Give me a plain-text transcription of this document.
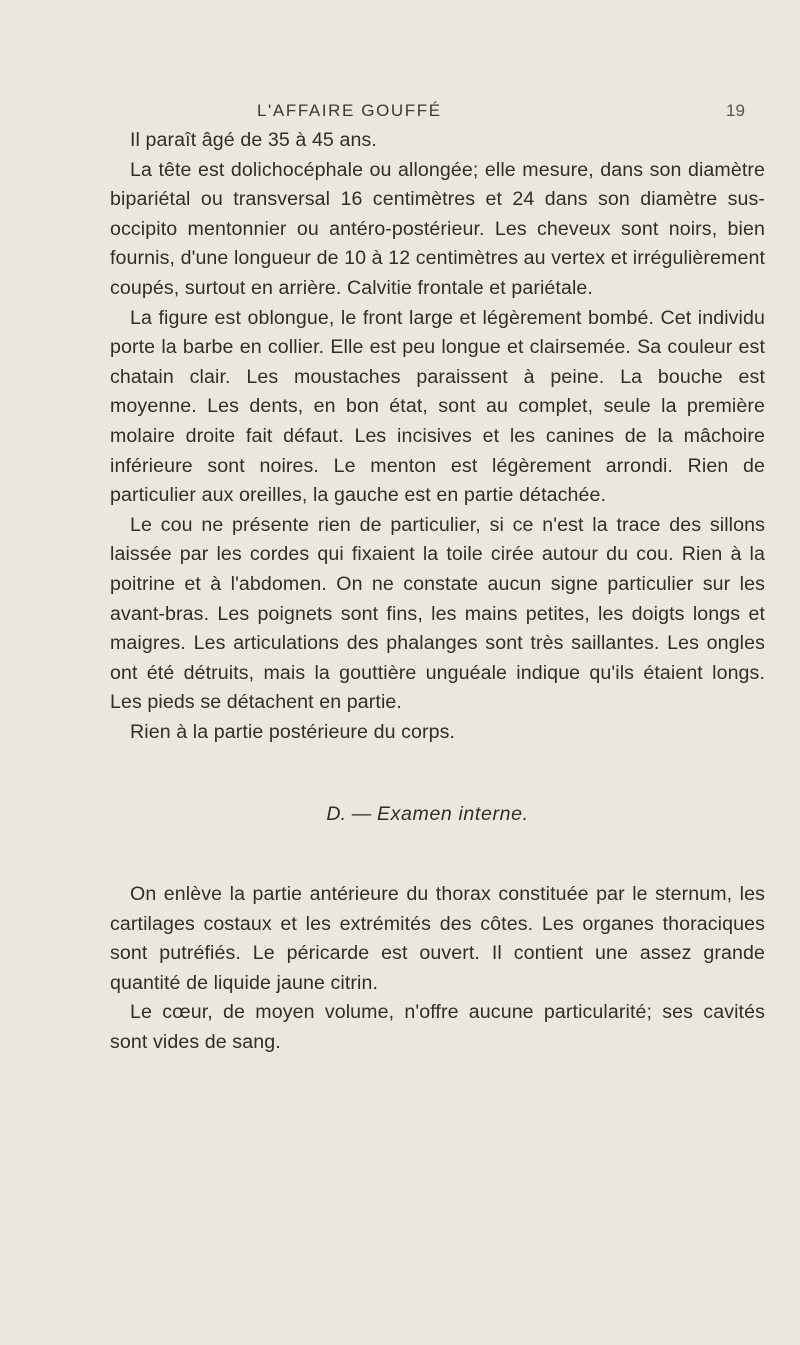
L'AFFAIRE GOUFFÉ	19

Il paraît âgé de 35 à 45 ans.

La tête est dolichocéphale ou allongée; elle mesure, dans son diamètre bipariétal ou transversal 16 centimètres et 24 dans son diamètre sus-occipito mentonnier ou antéro-postérieur. Les cheveux sont noirs, bien fournis, d'une longueur de 10 à 12 centimètres au vertex et irrégulièrement coupés, surtout en arrière. Calvitie frontale et pariétale.

La figure est oblongue, le front large et légèrement bombé. Cet individu porte la barbe en collier. Elle est peu longue et clairsemée. Sa couleur est chatain clair. Les moustaches paraissent à peine. La bouche est moyenne. Les dents, en bon état, sont au complet, seule la première molaire droite fait défaut. Les incisives et les canines de la mâchoire inférieure sont noires. Le menton est légèrement arrondi. Rien de particulier aux oreilles, la gauche est en partie détachée.

Le cou ne présente rien de particulier, si ce n'est la trace des sillons laissée par les cordes qui fixaient la toile cirée autour du cou. Rien à la poitrine et à l'abdomen. On ne constate aucun signe particulier sur les avant-bras. Les poignets sont fins, les mains petites, les doigts longs et maigres. Les articulations des phalanges sont très saillantes. Les ongles ont été détruits, mais la gouttière unguéale indique qu'ils étaient longs. Les pieds se détachent en partie.

Rien à la partie postérieure du corps.

D. — Examen interne.

On enlève la partie antérieure du thorax constituée par le sternum, les cartilages costaux et les extrémités des côtes. Les organes thoraciques sont putréfiés. Le péricarde est ouvert. Il contient une assez grande quantité de liquide jaune citrin.

Le cœur, de moyen volume, n'offre aucune particularité; ses cavités sont vides de sang.
